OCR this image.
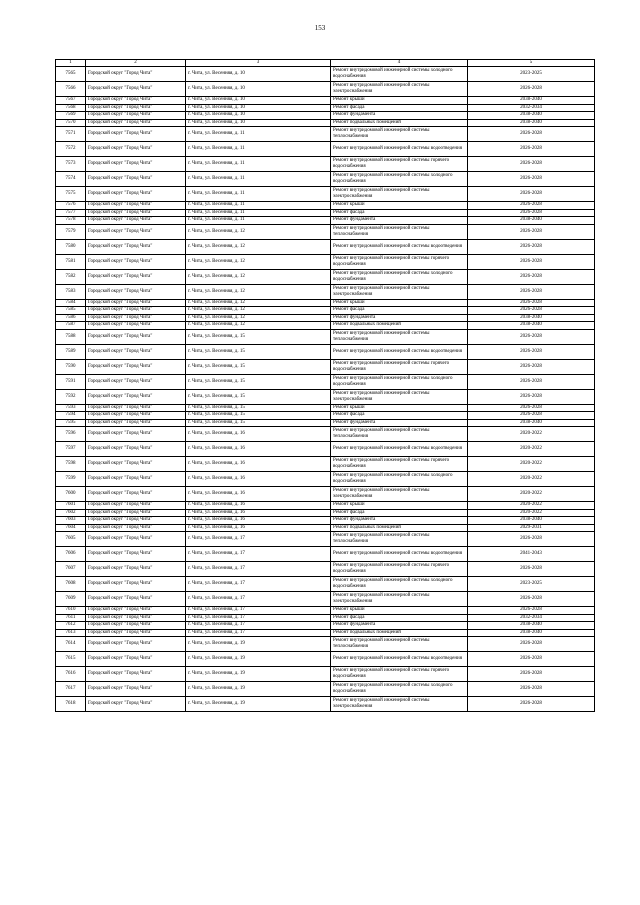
153
1	2	3	4	5
7565	Городской округ "Город Чита"	г. Чита, ул. Весенняя, д. 10	Ремонт внутридомовой инженерной системы холодного водоснабжения	2023-2025
7566	Городской округ "Город Чита"	г. Чита, ул. Весенняя, д. 10	Ремонт внутридомовой инженерной системы электроснабжения	2026-2028
7567	Городской округ "Город Чита"	г. Чита, ул. Весенняя, д. 10	Ремонт крыши	2038-2040
7568	Городской округ "Город Чита"	г. Чита, ул. Весенняя, д. 10	Ремонт фасада	2032-2034
7569	Городской округ "Город Чита"	г. Чита, ул. Весенняя, д. 10	Ремонт фундамента	2038-2040
7570	Городской округ "Город Чита"	г. Чита, ул. Весенняя, д. 10	Ремонт подвальных помещений	2038-2040
7571	Городской округ "Город Чита"	г. Чита, ул. Весенняя, д. 11	Ремонт внутридомовой инженерной системы теплоснабжения	2026-2028
7572	Городской округ "Город Чита"	г. Чита, ул. Весенняя, д. 11	Ремонт внутридомовой инженерной системы водоотведения	2026-2028
7573	Городской округ "Город Чита"	г. Чита, ул. Весенняя, д. 11	Ремонт внутридомовой инженерной системы горячего водоснабжения	2026-2028
7574	Городской округ "Город Чита"	г. Чита, ул. Весенняя, д. 11	Ремонт внутридомовой инженерной системы холодного водоснабжения	2026-2028
7575	Городской округ "Город Чита"	г. Чита, ул. Весенняя, д. 11	Ремонт внутридомовой инженерной системы электроснабжения	2026-2028
7576	Городской округ "Город Чита"	г. Чита, ул. Весенняя, д. 11	Ремонт крыши	2026-2028
7577	Городской округ "Город Чита"	г. Чита, ул. Весенняя, д. 11	Ремонт фасада	2026-2028
7578	Городской округ "Город Чита"	г. Чита, ул. Весенняя, д. 11	Ремонт фундамента	2038-2040
7579	Городской округ "Город Чита"	г. Чита, ул. Весенняя, д. 12	Ремонт внутридомовой инженерной системы теплоснабжения	2026-2028
7580	Городской округ "Город Чита"	г. Чита, ул. Весенняя, д. 12	Ремонт внутридомовой инженерной системы водоотведения	2026-2028
7581	Городской округ "Город Чита"	г. Чита, ул. Весенняя, д. 12	Ремонт внутридомовой инженерной системы горячего водоснабжения	2026-2028
7582	Городской округ "Город Чита"	г. Чита, ул. Весенняя, д. 12	Ремонт внутридомовой инженерной системы холодного водоснабжения	2026-2028
7583	Городской округ "Город Чита"	г. Чита, ул. Весенняя, д. 12	Ремонт внутридомовой инженерной системы электроснабжения	2026-2028
7584	Городской округ "Город Чита"	г. Чита, ул. Весенняя, д. 12	Ремонт крыши	2026-2028
7585	Городской округ "Город Чита"	г. Чита, ул. Весенняя, д. 12	Ремонт фасада	2026-2028
7586	Городской округ "Город Чита"	г. Чита, ул. Весенняя, д. 12	Ремонт фундамента	2038-2040
7587	Городской округ "Город Чита"	г. Чита, ул. Весенняя, д. 12	Ремонт подвальных помещений	2038-2040
7588	Городской округ "Город Чита"	г. Чита, ул. Весенняя, д. 15	Ремонт внутридомовой инженерной системы теплоснабжения	2026-2028
7589	Городской округ "Город Чита"	г. Чита, ул. Весенняя, д. 15	Ремонт внутридомовой инженерной системы водоотведения	2026-2028
7590	Городской округ "Город Чита"	г. Чита, ул. Весенняя, д. 15	Ремонт внутридомовой инженерной системы горячего водоснабжения	2026-2028
7591	Городской округ "Город Чита"	г. Чита, ул. Весенняя, д. 15	Ремонт внутридомовой инженерной системы холодного водоснабжения	2026-2028
7592	Городской округ "Город Чита"	г. Чита, ул. Весенняя, д. 15	Ремонт внутридомовой инженерной системы электроснабжения	2026-2028
7593	Городской округ "Город Чита"	г. Чита, ул. Весенняя, д. 15	Ремонт крыши	2026-2028
7594	Городской округ "Город Чита"	г. Чита, ул. Весенняя, д. 15	Ремонт фасада	2026-2028
7595	Городской округ "Город Чита"	г. Чита, ул. Весенняя, д. 15	Ремонт фундамента	2038-2040
7596	Городской округ "Город Чита"	г. Чита, ул. Весенняя, д. 16	Ремонт внутридомовой инженерной системы теплоснабжения	2020-2022
7597	Городской округ "Город Чита"	г. Чита, ул. Весенняя, д. 16	Ремонт внутридомовой инженерной системы водоотведения	2020-2022
7598	Городской округ "Город Чита"	г. Чита, ул. Весенняя, д. 16	Ремонт внутридомовой инженерной системы горячего водоснабжения	2020-2022
7599	Городской округ "Город Чита"	г. Чита, ул. Весенняя, д. 16	Ремонт внутридомовой инженерной системы холодного водоснабжения	2020-2022
7600	Городской округ "Город Чита"	г. Чита, ул. Весенняя, д. 16	Ремонт внутридомовой инженерной системы электроснабжения	2020-2022
7601	Городской округ "Город Чита"	г. Чита, ул. Весенняя, д. 16	Ремонт крыши	2020-2022
7602	Городской округ "Город Чита"	г. Чита, ул. Весенняя, д. 16	Ремонт фасада	2020-2022
7603	Городской округ "Город Чита"	г. Чита, ул. Весенняя, д. 16	Ремонт фундамента	2038-2040
7604	Городской округ "Город Чита"	г. Чита, ул. Весенняя, д. 16	Ремонт подвальных помещений	2029-2031
7605	Городской округ "Город Чита"	г. Чита, ул. Весенняя, д. 17	Ремонт внутридомовой инженерной системы теплоснабжения	2026-2028
7606	Городской округ "Город Чита"	г. Чита, ул. Весенняя, д. 17	Ремонт внутридомовой инженерной системы водоотведения	2041-2043
7607	Городской округ "Город Чита"	г. Чита, ул. Весенняя, д. 17	Ремонт внутридомовой инженерной системы горячего водоснабжения	2026-2028
7608	Городской округ "Город Чита"	г. Чита, ул. Весенняя, д. 17	Ремонт внутридомовой инженерной системы холодного водоснабжения	2023-2025
7609	Городской округ "Город Чита"	г. Чита, ул. Весенняя, д. 17	Ремонт внутридомовой инженерной системы электроснабжения	2026-2028
7610	Городской округ "Город Чита"	г. Чита, ул. Весенняя, д. 17	Ремонт крыши	2026-2028
7611	Городской округ "Город Чита"	г. Чита, ул. Весенняя, д. 17	Ремонт фасада	2032-2034
7612	Городской округ "Город Чита"	г. Чита, ул. Весенняя, д. 17	Ремонт фундамента	2038-2040
7613	Городской округ "Город Чита"	г. Чита, ул. Весенняя, д. 17	Ремонт подвальных помещений	2038-2040
7614	Городской округ "Город Чита"	г. Чита, ул. Весенняя, д. 19	Ремонт внутридомовой инженерной системы теплоснабжения	2026-2028
7615	Городской округ "Город Чита"	г. Чита, ул. Весенняя, д. 19	Ремонт внутридомовой инженерной системы водоотведения	2026-2028
7616	Городской округ "Город Чита"	г. Чита, ул. Весенняя, д. 19	Ремонт внутридомовой инженерной системы горячего водоснабжения	2026-2028
7617	Городской округ "Город Чита"	г. Чита, ул. Весенняя, д. 19	Ремонт внутридомовой инженерной системы холодного водоснабжения	2026-2028
7618	Городской округ "Город Чита"	г. Чита, ул. Весенняя, д. 19	Ремонт внутридомовой инженерной системы электроснабжения	2026-2028
